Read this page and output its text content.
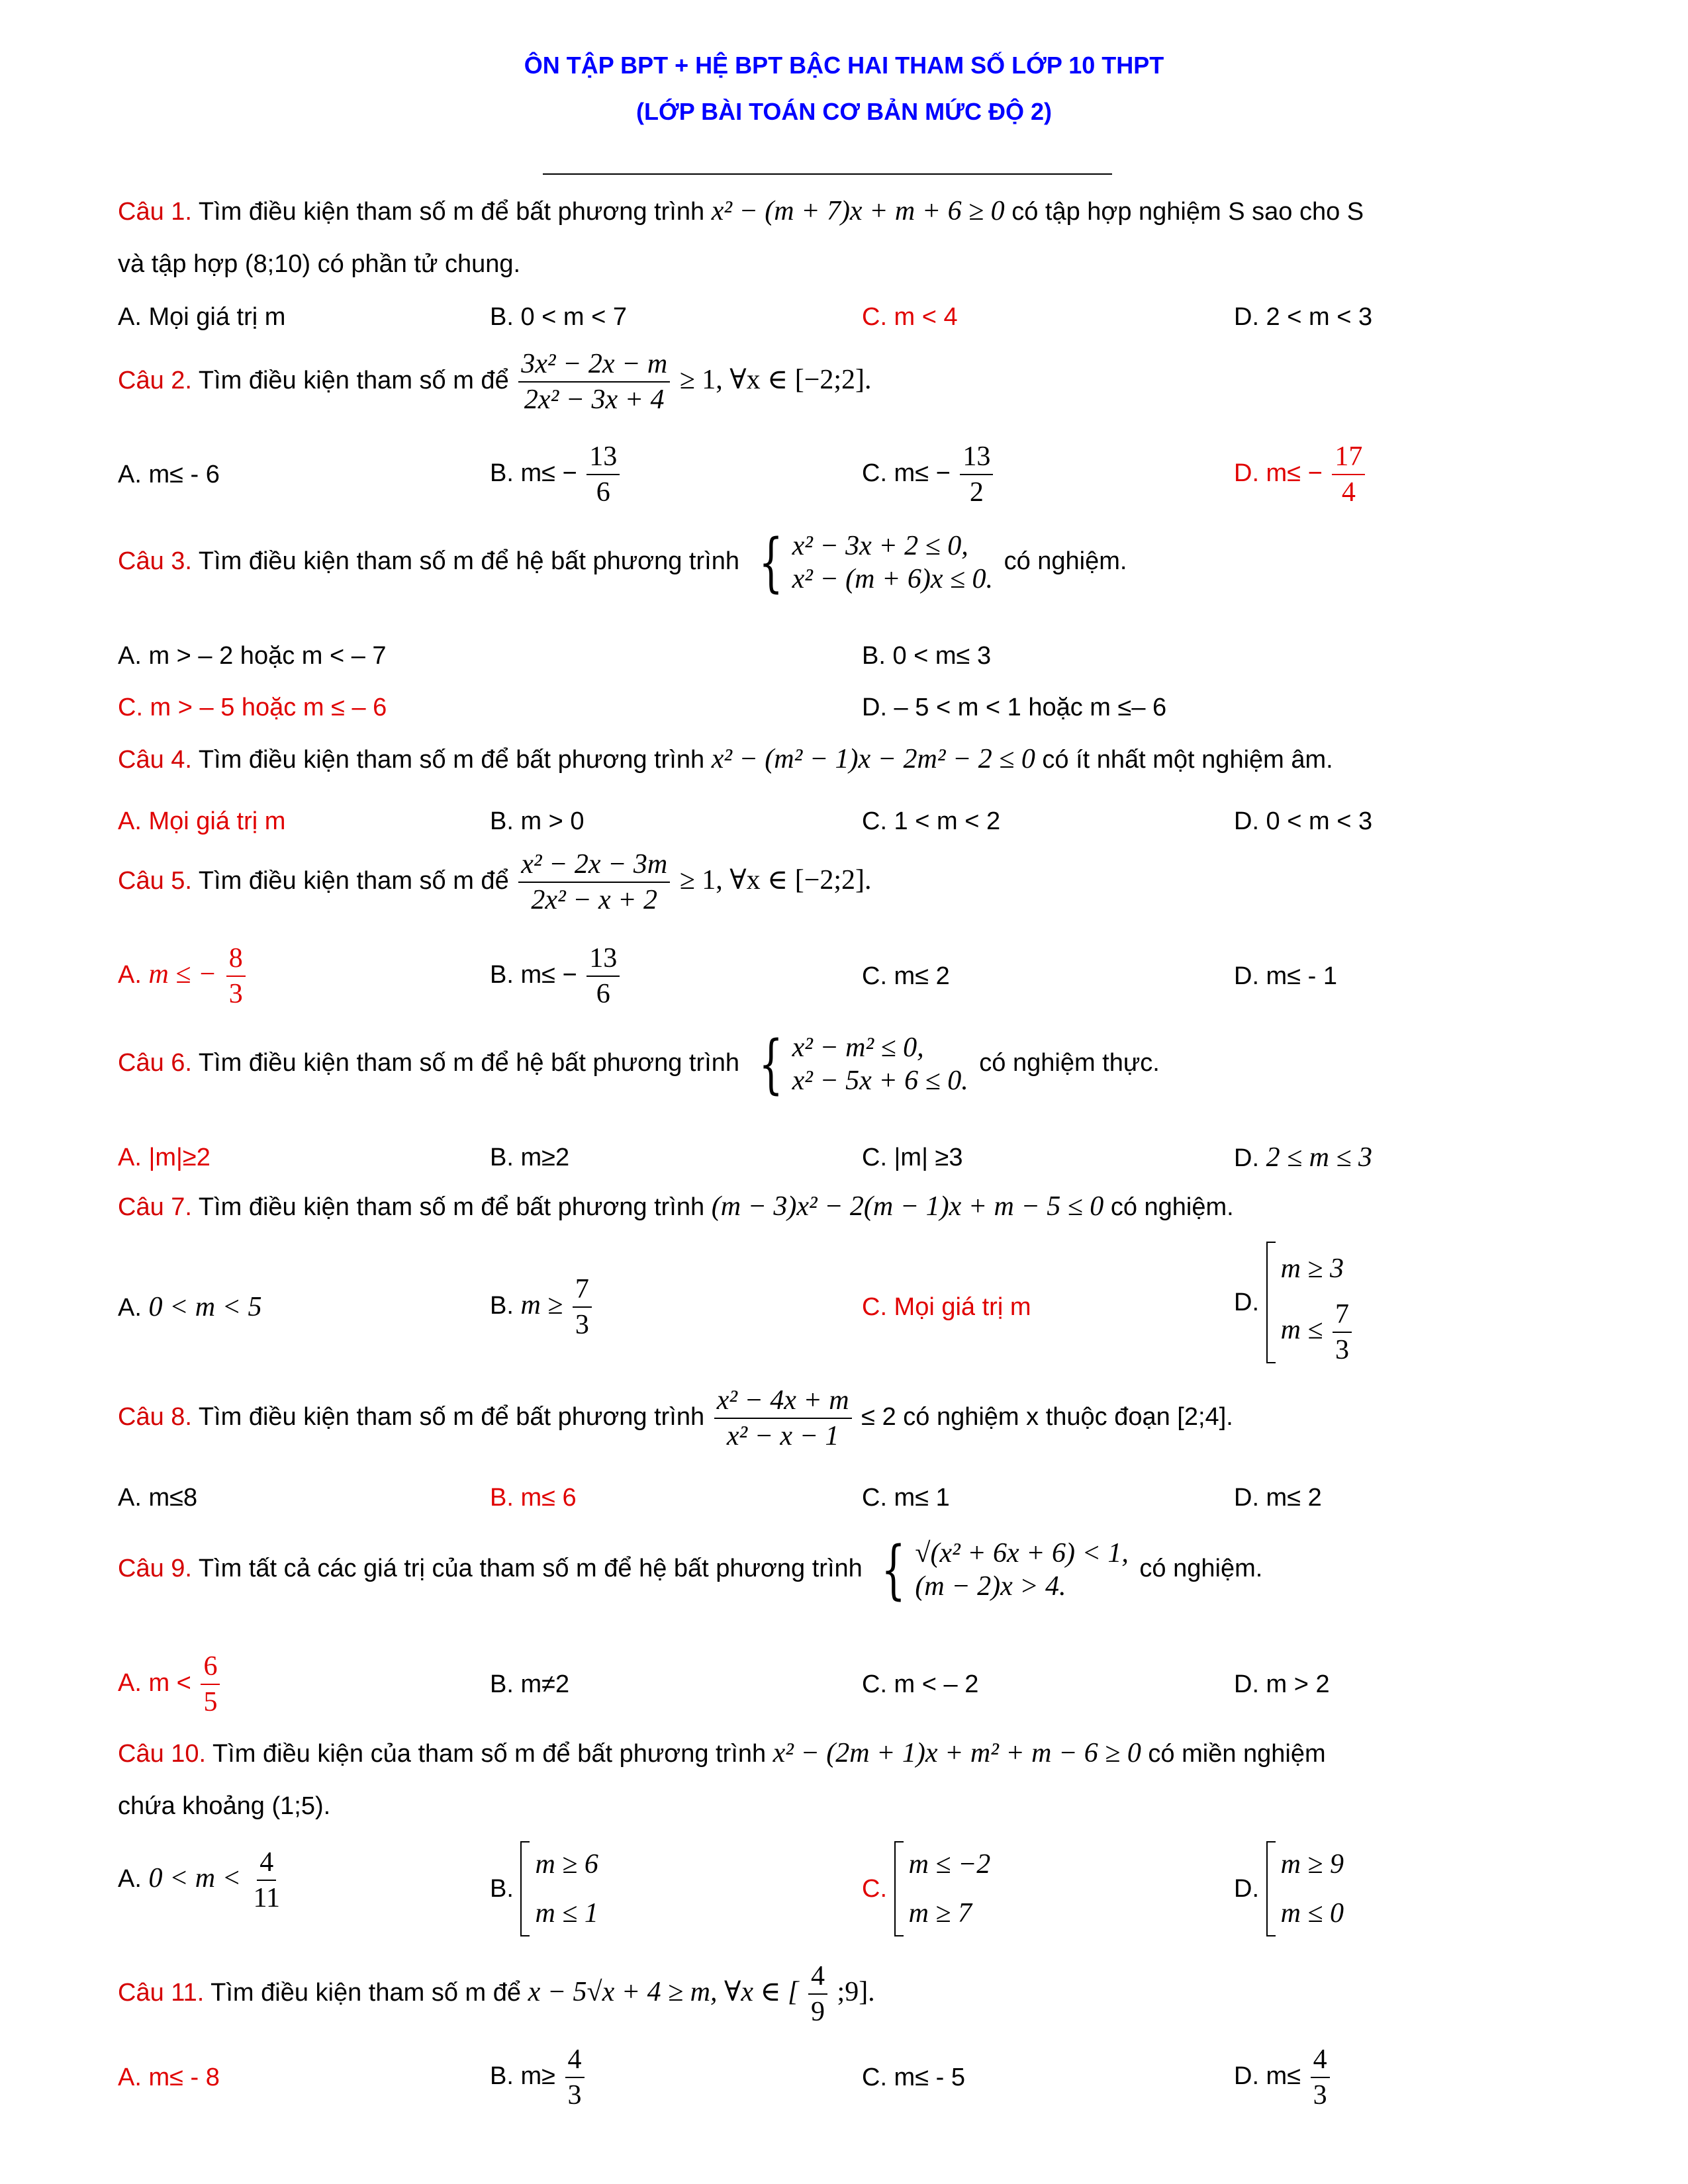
ÔN TẬP BPT + HỆ BPT BẬC HAI THAM SỐ LỚP 10 THPT
(LỚP BÀI TOÁN CƠ BẢN MỨC ĐỘ 2)
Câu 1. Tìm điều kiện tham số m để bất phương trình x² − (m + 7)x + m + 6 ≥ 0 có tập hợp nghiệm S sao cho S
và tập hợp (8;10) có phần tử chung.
A. Mọi giá trị m	B. 0 < m < 7	C. m < 4	D. 2 < m < 3
Câu 2. Tìm điều kiện tham số m để $\frac{\text{3x² − 2x − m}}{\text{2x² − 3x + 4}} \ge 1$, ∀x ∈ [−2;2].
A. m≤ - 6	B. $m\le - \frac{13}{6}$	C. $m\le - \frac{13}{2}$	D. $m\le - \frac{17}{4}$
Câu 3. Tìm điều kiện tham số m để hệ bất phương trình { x² − 3x + 2 ≤ 0,
x² − (m + 6)x ≤ 0.
có nghiệm.
A. m > – 2 hoặc m < – 7	B. 0 < m≤ 3
C. m > – 5 hoặc m ≤ – 6	D. – 5 < m < 1 hoặc m ≤– 6
Câu 4. Tìm điều kiện tham số m để bất phương trình x² − (m² − 1)x − 2m² − 2 ≤ 0 có ít nhất một nghiệm âm.
A. Mọi giá trị m	B. m > 0	C. 1 < m < 2	D. 0 < m < 3
Câu 5. Tìm điều kiện tham số m để $\frac{\text{x² − 2x − 3m}}{\text{2x² − x + 2}} \ge 1$, ∀x ∈ [−2;2].
A. m ≤ − $\frac{8}{3}$	B. $m\le - \frac{13}{6}$	C. m≤ 2	D. m≤ - 1
Câu 6. Tìm điều kiện tham số m để hệ bất phương trình { x² − m² ≤ 0,
x² − 5x + 6 ≤ 0.
có nghiệm thực.
A. |m|≥2	B. m≥2	C. |m| ≥3	D. 2 ≤ m ≤ 3
Câu 7. Tìm điều kiện tham số m để bất phương trình (m − 3)x² − 2(m − 1)x + m − 5 ≤ 0 có nghiệm.
A. 0 < m < 5	B. $m \ge \frac{7}{3}$	C. Mọi giá trị m	D.
m ≥ 3
$m \le \frac{7}{3}$
Câu 8. Tìm điều kiện tham số m để bất phương trình $\frac{\text{x² − 4x + m}}{\text{x² − x − 1}} \le 2$ có nghiệm x thuộc đoạn [2;4].
A. m≤8	B. m≤ 6	C. m≤ 1	D. m≤ 2
Câu 9. Tìm tất cả các giá trị của tham số m để hệ bất phương trình { √(x² + 6x + 6) < 1,
(m − 2)x > 4.
có nghiệm.
A. $m < \frac{6}{5}$	B. m≠2	C. m < – 2	D. m > 2
Câu 10. Tìm điều kiện của tham số m để bất phương trình x² − (2m + 1)x + m² + m − 6 ≥ 0 có miền nghiệm
chứa khoảng (1;5).
A. $0 < m < \frac{4}{11}$	B.
m ≥ 6
m ≤ 1
C.
m ≤ −2
m ≥ 7
D.
m ≥ 9
m ≤ 0
Câu 11. Tìm điều kiện tham số m để x − 5√x + 4 ≥ m, ∀x ∈ [ $\frac{4}{9}$ ;9].
A. m≤ - 8	B. $m\ge \frac{4}{3}$	C. m≤ - 5	D. $m\le \frac{4}{3}$
